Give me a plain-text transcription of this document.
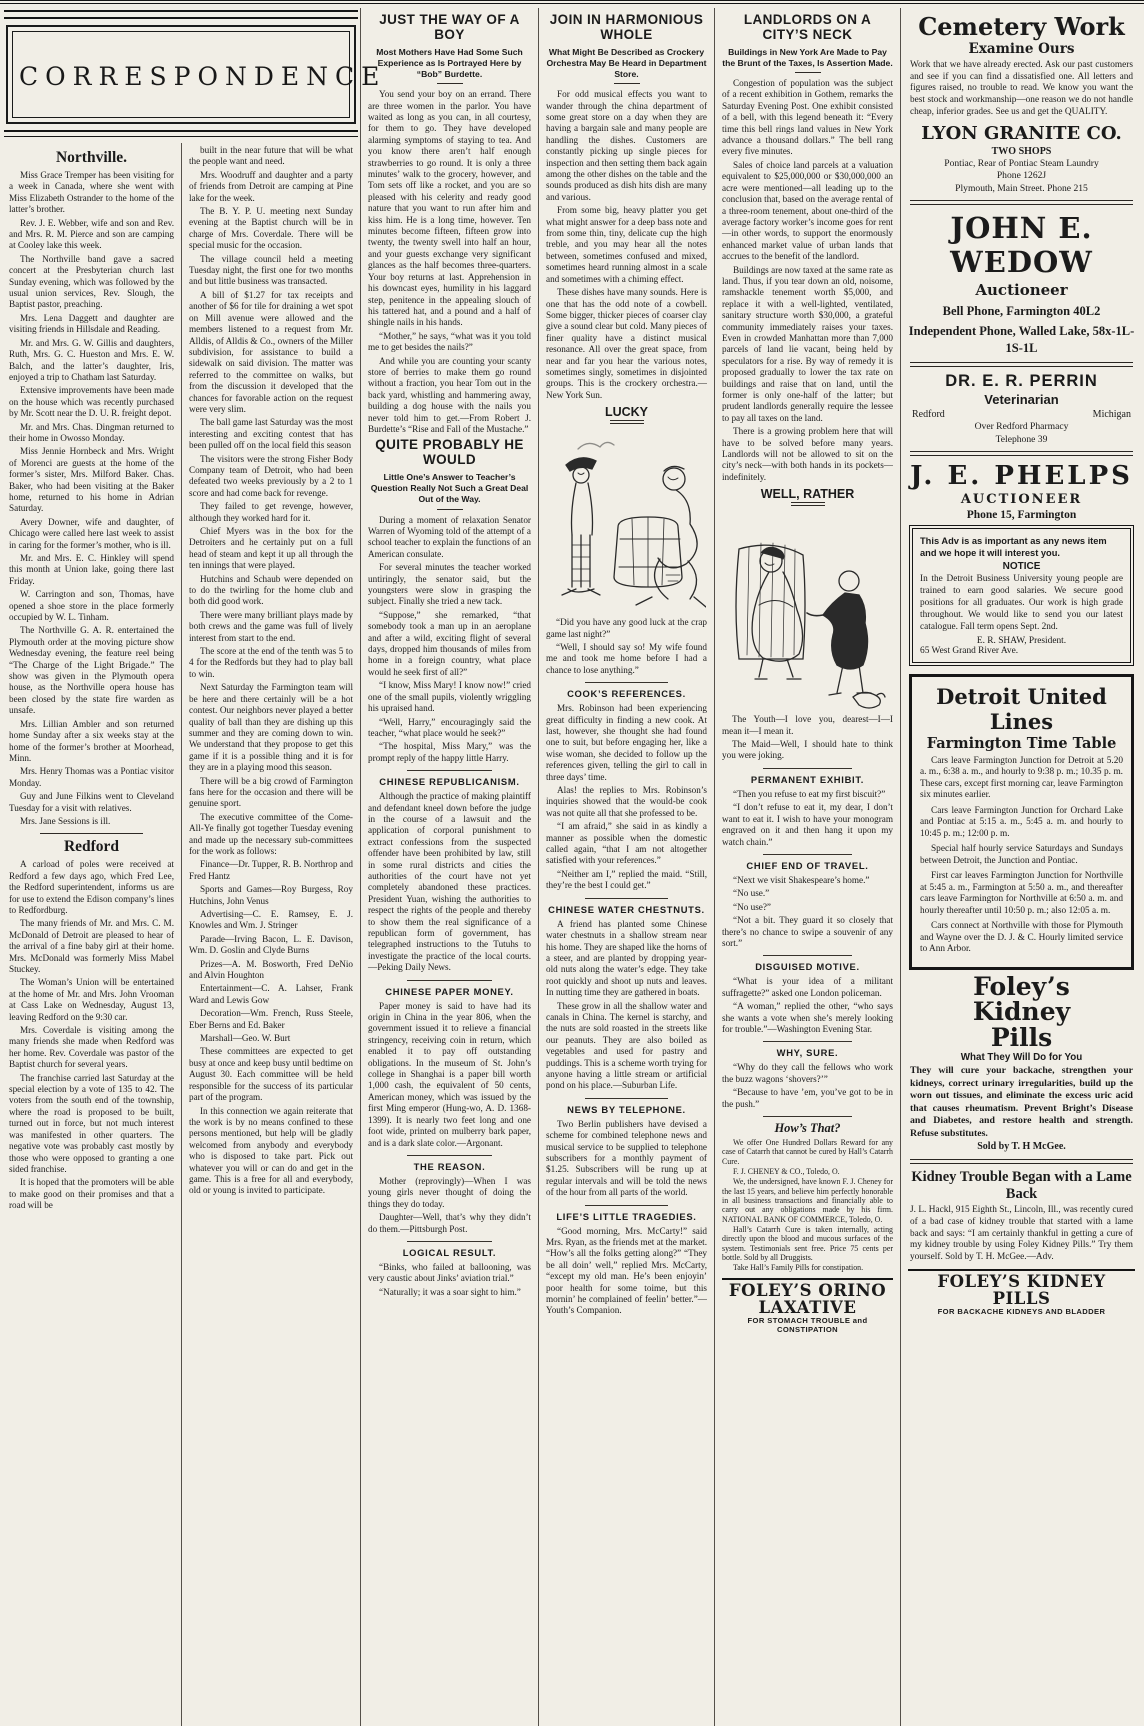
CORRESPONDENCE
Northville.

Miss Grace Tremper has been visiting for a week in Canada, where she went with Miss Elizabeth Ostrander to the home of the latter’s brother.

Rev. J. E. Webber, wife and son and Rev. and Mrs. R. M. Pierce and son are camping at Cooley lake this week.

The Northville band gave a sacred concert at the Presbyterian church last Sunday evening, which was followed by the usual union services, Rev. Slough, the Baptist pastor, preaching.

Mrs. Lena Daggett and daughter are visiting friends in Hillsdale and Reading.

Mr. and Mrs. G. W. Gillis and daughters, Ruth, Mrs. G. C. Hueston and Mrs. E. W. Balch, and the latter’s daughter, Iris, enjoyed a trip to Chatham last Saturday.

Extensive improvements have been made on the house which was recently purchased by Mr. Scott near the D. U. R. freight depot.

Mr. and Mrs. Chas. Dingman returned to their home in Owosso Monday.

Miss Jennie Hornbeck and Mrs. Wright of Morenci are guests at the home of the former’s sister, Mrs. Milford Baker. Chas. Baker, who had been visiting at the Baker home, returned to his home in Adrian Saturday.

Avery Downer, wife and daughter, of Chicago were called here last week to assist in caring for the former’s mother, who is ill.

Mr. and Mrs. E. C. Hinkley will spend this month at Union lake, going there last Friday.

W. Carrington and son, Thomas, have opened a shoe store in the place formerly occupied by W. L. Tinham.

The Northville G. A. R. entertained the Plymouth order at the moving picture show Wednesday evening, the feature reel being “The Charge of the Light Brigade.” The show was given in the Plymouth opera house, as the Northville opera house has been closed by the state fire warden as unsafe.

Mrs. Lillian Ambler and son returned home Sunday after a six weeks stay at the home of the former’s brother at Moorhead, Minn.

Mrs. Henry Thomas was a Pontiac visitor Monday.

Guy and June Filkins went to Cleveland Tuesday for a visit with relatives.

Mrs. Jane Sessions is ill.

Redford

A carload of poles were received at Redford a few days ago, which Fred Lee, the Redford superintendent, informs us are for use to extend the Edison company’s lines to Redfordburg.

The many friends of Mr. and Mrs. C. M. McDonald of Detroit are pleased to hear of the arrival of a fine baby girl at their home. Mrs. McDonald was formerly Miss Mabel Stuckey.

The Woman’s Union will be entertained at the home of Mr. and Mrs. John Vrooman at Cass Lake on Wednesday, August 13, leaving Redford on the 9:30 car.

Mrs. Coverdale is visiting among the many friends she made when Redford was her home. Rev. Coverdale was pastor of the Baptist church for several years.

The franchise carried last Saturday at the special election by a vote of 135 to 42. The voters from the south end of the township, where the road is proposed to be built, turned out in force, but not much interest was manifested in other quarters. The negative vote was probably cast mostly by those who were opposed to granting a one sided franchise.

It is hoped that the promoters will be able to make good on their promises and that a road will be

built in the near future that will be what the people want and need.

Mrs. Woodruff and daughter and a party of friends from Detroit are camping at Pine lake for the week.

The B. Y. P. U. meeting next Sunday evening at the Baptist church will be in charge of Mrs. Coverdale. There will be special music for the occasion.

The village council held a meeting Tuesday night, the first one for two months and but little business was transacted.

A bill of $1.27 for tax receipts and another of $6 for tile for draining a wet spot on Mill avenue were allowed and the members listened to a request from Mr. Alldis, of Alldis & Co., owners of the Miller subdivision, for assistance to build a sidewalk on said division. The matter was referred to the committee on walks, but from the discussion it developed that the chances for favorable action on the request were very slim.

The ball game last Saturday was the most interesting and exciting contest that has been pulled off on the local field this season

The visitors were the strong Fisher Body Company team of Detroit, who had been defeated two weeks previously by a 2 to 1 score and had come back for revenge.

They failed to get revenge, however, although they worked hard for it.

Chief Myers was in the box for the Detroiters and he certainly put on a full head of steam and kept it up all through the ten innings that were played.

Hutchins and Schaub were depended on to do the twirling for the home club and both did good work.

There were many brilliant plays made by both crews and the game was full of lively interest from start to the end.

The score at the end of the tenth was 5 to 4 for the Redfords but they had to play ball to win.

Next Saturday the Farmington team will be here and there certainly will be a hot contest. Our neighbors never played a better quality of ball than they are dishing up this summer and they are coming down to win. We understand that they propose to get this game if it is a possible thing and it is for they are in a playing mood this season.

There will be a big crowd of Farmington fans here for the occasion and there will be genuine sport.

The executive committee of the Come-All-Ye finally got together Tuesday evening and made up the necessary sub-committees for the work as follows:

Finance—Dr. Tupper, R. B. Northrop and Fred Hantz

Sports and Games—Roy Burgess, Roy Hutchins, John Venus

Advertising—C. E. Ramsey, E. J. Knowles and Wm. J. Stringer

Parade—Irving Bacon, L. E. Davison, Wm. D. Goslin and Clyde Burns

Prizes—A. M. Bosworth, Fred DeNio and Alvin Houghton

Entertainment—C. A. Lahser, Frank Ward and Lewis Gow

Decoration—Wm. French, Russ Steele, Eber Berns and Ed. Baker

Marshall—Geo. W. Burt

These committees are expected to get busy at once and keep busy until bedtime on August 30. Each committee will be held responsible for the success of its particular part of the program.

In this connection we again reiterate that the work is by no means confined to these persons mentioned, but help will be gladly welcomed from anybody and everybody who is disposed to take part. Pick out whatever you will or can do and get in the game. This is a free for all and everybody, old or young is invited to participate.

JUST THE WAY OF A BOY

Most Mothers Have Had Some Such Experience as Is Portrayed Here by “Bob” Burdette.

You send your boy on an errand. There are three women in the parlor. You have waited as long as you can, in all courtesy, for them to go. They have developed alarming symptoms of staying to tea. And you know there aren’t half enough strawberries to go round. It is only a three minutes’ walk to the grocery, however, and Tom sets off like a rocket, and you are so pleased with his celerity and ready good nature that you want to run after him and kiss him. He is a long time, however. Ten minutes become fifteen, fifteen grow into twenty, the twenty swell into half an hour, and your guests exchange very significant glances as the half becomes three-quarters. Your boy returns at last. Apprehension in his downcast eyes, humility in his laggard step, penitence in the appealing slouch of his tattered hat, and a pound and a half of shingle nails in his hands.

“Mother,” he says, “what was it you told me to get besides the nails?”

And while you are counting your scanty store of berries to make them go round without a fraction, you hear Tom out in the back yard, whistling and hammering away, building a dog house with the nails you never told him to get.—From Robert J. Burdette’s “Rise and Fall of the Mustache.”

QUITE PROBABLY HE WOULD

Little One’s Answer to Teacher’s Question Really Not Such a Great Deal Out of the Way.

During a moment of relaxation Senator Warren of Wyoming told of the attempt of a school teacher to explain the functions of an American consulate.

For several minutes the teacher worked untiringly, the senator said, but the youngsters were slow in grasping the subject. Finally she tried a new tack.

“Suppose,” she remarked, “that somebody took a man up in an aeroplane and after a wild, exciting flight of several days, dropped him thousands of miles from home in a foreign country, what place would he seek first of all?”

“I know, Miss Mary! I know now!” cried one of the small pupils, violently wriggling his upraised hand.

“Well, Harry,” encouragingly said the teacher, “what place would he seek?”

“The hospital, Miss Mary,” was the prompt reply of the happy little Harry.

CHINESE REPUBLICANISM.

Although the practice of making plaintiff and defendant kneel down before the judge in the course of a lawsuit and the application of corporal punishment to extract confessions from the suspected offender have been prohibited by law, still in some rural districts and cities the authorities of the court have not yet completely abandoned these practices. President Yuan, wishing the authorities to respect the rights of the people and thereby to show them the real significance of a republican form of government, has telegraphed instructions to the Tutuhs to investigate the practice of the local courts.—Peking Daily News.

CHINESE PAPER MONEY.

Paper money is said to have had its origin in China in the year 806, when the government issued it to relieve a financial stringency, receiving coin in return, which enabled it to pay off outstanding obligations. In the museum of St. John’s college in Shanghai is a paper bill worth 1,000 cash, the equivalent of 50 cents, American money, which was issued by the first Ming emperor (Hung-wo, A. D. 1368-1399). It is nearly two feet long and one foot wide, printed on mulberry bark paper, and is a dark slate color.—Argonant.

THE REASON.

Mother (reprovingly)—When I was young girls never thought of doing the things they do today.

Daughter—Well, that’s why they didn’t do them.—Pittsburgh Post.

LOGICAL RESULT.

“Binks, who failed at ballooning, was very caustic about Jinks’ aviation trial.”

“Naturally; it was a soar sight to him.”

JOIN IN HARMONIOUS WHOLE

What Might Be Described as Crockery Orchestra May Be Heard in Department Store.

For odd musical effects you want to wander through the china department of some great store on a day when they are having a bargain sale and many people are handling the dishes. Customers are constantly picking up single pieces for inspection and then setting them back again among the other dishes on the table and the sounds produced as dish hits dish are many and various.

From some big, heavy platter you get what might answer for a deep bass note and from some thin, tiny, delicate cup the high treble, and you may hear all the notes between, sometimes confused and mixed, sometimes heard running almost in a scale and sometimes with a chiming effect.

These dishes have many sounds. Here is one that has the odd note of a cowbell. Some bigger, thicker pieces of coarser clay give a sound clear but cold. Many pieces of finer quality have a distinct musical resonance. All over the great space, from near and far you hear the various notes, sometimes singly, sometimes in disjointed groups. This is the crockery orchestra.—New York Sun.

LUCKY

“Did you have any good luck at the crap game last night?”

“Well, I should say so! My wife found me and took me home before I had a chance to lose anything.”

COOK’S REFERENCES.

Mrs. Robinson had been experiencing great difficulty in finding a new cook. At last, however, she thought she had found one to suit, but before engaging her, like a wise woman, she decided to follow up the references given, telling the girl to call in three days’ time.

Alas! the replies to Mrs. Robinson’s inquiries showed that the would-be cook was not quite all that she professed to be.

“I am afraid,” she said in as kindly a manner as possible when the domestic called again, “that I am not altogether satisfied with your references.”

“Neither am I,” replied the maid. “Still, they’re the best I could get.”

CHINESE WATER CHESTNUTS.

A friend has planted some Chinese water chestnuts in a shallow stream near his home. They are shaped like the horns of a steer, and are planted by dropping year-old nuts along the water’s edge. They take root quickly and shoot up nuts and leaves. In nutting time they are gathered in boats.

These grow in all the shallow water and canals in China. The kernel is starchy, and the nuts are sold roasted in the streets like our peanuts. They are also boiled as vegetables and used for pastry and puddings. This is a scheme worth trying for anyone having a little stream or artificial pond on his place.—Suburban Life.

NEWS BY TELEPHONE.

Two Berlin publishers have devised a scheme for combined telephone news and musical service to be supplied to telephone subscribers for a monthly payment of $1.25. Subscribers will be rung up at regular intervals and will be told the news of the hour from all parts of the world.

LIFE’S LITTLE TRAGEDIES.

“Good morning, Mrs. McCarty!” said Mrs. Ryan, as the friends met at the market. “How’s all the folks getting along?” “They be all doin’ well,” replied Mrs. McCarty, “except my old man. He’s been enjoyin’ poor health for some toime, but this mornin’ he complained of feelin’ better.”—Youth’s Companion.

LANDLORDS ON A CITY’S NECK

Buildings in New York Are Made to Pay the Brunt of the Taxes, Is Assertion Made.

Congestion of population was the subject of a recent exhibition in Gothem, remarks the Saturday Evening Post. One exhibit consisted of a bell, with this legend beneath it: “Every time this bell rings land values in New York advance a thousand dollars.” The bell rang every five minutes.

Sales of choice land parcels at a valuation equivalent to $25,000,000 or $30,000,000 an acre were mentioned—all leading up to the conclusion that, based on the average rental of a three-room tenement, about one-third of the average factory worker’s income goes for rent—in other words, to support the enormously enhanced market value of urban lands that accrues to the benefit of the landlord.

Buildings are now taxed at the same rate as land. Thus, if you tear down an old, noisome, ramshackle tenement worth $5,000, and replace it with a well-lighted, ventilated, sanitary structure worth $30,000, a grateful community immediately raises your taxes. Even in crowded Manhattan more than 7,000 parcels of land lie vacant, being held by speculators for a rise. By way of remedy it is proposed gradually to lower the tax rate on buildings and raise that on land, until the former is only one-half of the latter; but prudent landlords generally require the lessee to pay all taxes on the land.

There is a growing problem here that will have to be solved before many years. Landlords will not be allowed to sit on the city’s neck—with both hands in its pockets—indefinitely.

WELL, RATHER

The Youth—I love you, dearest—I—I mean it—I mean it.

The Maid—Well, I should hate to think you were joking.

PERMANENT EXHIBIT.

“Then you refuse to eat my first biscuit?”

“I don’t refuse to eat it, my dear, I don’t want to eat it. I wish to have your monogram engraved on it and then hang it upon my watch chain.”

CHIEF END OF TRAVEL.

“Next we visit Shakespeare’s home.”

“No use.”

“No use?”

“Not a bit. They guard it so closely that there’s no chance to swipe a souvenir of any sort.”

DISGUISED MOTIVE.

“What is your idea of a militant suffragette?” asked one London policeman.

“A woman,” replied the other, “who says she wants a vote when she’s merely looking for trouble.”—Washington Evening Star.

WHY, SURE.

“Why do they call the fellows who work the buzz wagons ‘shovers?’”

“Because to have ’em, you’ve got to be in the push.”

How’s That?

We offer One Hundred Dollars Reward for any case of Catarrh that cannot be cured by Hall’s Catarrh Cure.

F. J. CHENEY & CO., Toledo, O.

We, the undersigned, have known F. J. Cheney for the last 15 years, and believe him perfectly honorable in all business transactions and financially able to carry out any obligations made by his firm. NATIONAL BANK OF COMMERCE, Toledo, O.

Hall’s Catarrh Cure is taken internally, acting directly upon the blood and mucous surfaces of the system. Testimonials sent free. Price 75 cents per bottle. Sold by all Druggists.

Take Hall’s Family Pills for constipation.

FOLEY’S ORINO LAXATIVE
FOR STOMACH TROUBLE and CONSTIPATION
Cemetery Work
Examine Ours

Work that we have already erected. Ask our past customers and see if you can find a dissatisfied one. All letters and figures raised, no trouble to read. We know you want the best stock and workmanship—one reason we do not handle cheap, inferior grades. See us and get the QUALITY.

LYON GRANITE CO.

TWO SHOPS

Pontiac, Rear of Pontiac Steam Laundry

Phone 1262J

Plymouth, Main Street. Phone 215

JOHN E. WEDOW
Auctioneer

Bell Phone, Farmington 40L2

Independent Phone, Walled Lake, 58x-1L-1S-1L

DR. E. R. PERRIN
Veterinarian
Redford	Michigan

Over Redford Pharmacy

Telephone 39

J. E. PHELPS
AUCTIONEER

Phone 15, Farmington

This Adv is as important as any news item and we hope it will interest you.

NOTICE

In the Detroit Business University young people are trained to earn good salaries. We secure good positions for all graduates. Our work is high grade throughout. We would like to send you our latest catalogue. Fall term opens Sept. 2nd.

E. R. SHAW, President.

65 West Grand River Ave.

Detroit United Lines
Farmington Time Table

Cars leave Farmington Junction for Detroit at 5.20 a. m., 6:38 a. m., and hourly to 9:38 p. m.; 10.35 p. m. These cars, except first morning car, leave Farmington six minutes earlier.

Cars leave Farmington Junction for Orchard Lake and Pontiac at 5:15 a. m., 5:45 a. m. and hourly to 10:45 p. m.; 12:00 p. m.

Special half hourly service Saturdays and Sundays between Detroit, the Junction and Pontiac.

First car leaves Farmington Junction for Northville at 5:45 a. m., Farmington at 5:50 a. m., and thereafter cars leave Farmington for Northville at 6:50 a. m. and hourly thereafter until 10:50 p. m.; also 12:05 a. m.

Cars connect at Northville with those for Plymouth and Wayne over the D. J. & C. Hourly limited service to Ann Arbor.

Foley’s
Kidney
Pills

What They Will Do for You

They will cure your backache, strengthen your kidneys, correct urinary irregularities, build up the worn out tissues, and eliminate the excess uric acid that causes rheumatism. Prevent Bright’s Disease and Diabetes, and restore health and strength. Refuse substitutes.

Sold by T. H McGee.

Kidney Trouble Began with a Lame Back

J. L. Hackl, 915 Eighth St., Lincoln, Ill., was recently cured of a bad case of kidney trouble that started with a lame back and says: “I am certainly thankful in getting a cure of my kidney trouble by using Foley Kidney Pills.” Try them yourself. Sold by T. H. McGee.—Adv.

FOLEY’S KIDNEY PILLS
FOR BACKACHE KIDNEYS AND BLADDER
